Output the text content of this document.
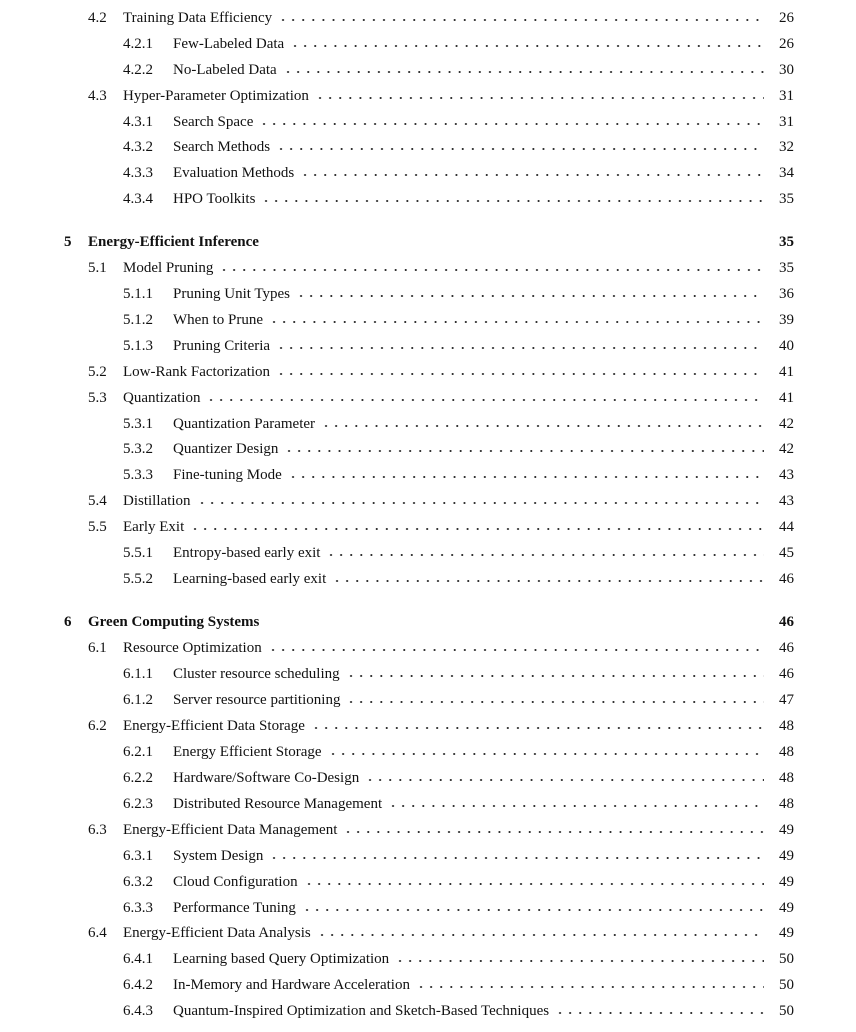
4.2 Training Data Efficiency	26
4.2.1 Few-Labeled Data	26
4.2.2 No-Labeled Data	30
4.3 Hyper-Parameter Optimization	31
4.3.1 Search Space	31
4.3.2 Search Methods	32
4.3.3 Evaluation Methods	34
4.3.4 HPO Toolkits	35
5 Energy-Efficient Inference	35
5.1 Model Pruning	35
5.1.1 Pruning Unit Types	36
5.1.2 When to Prune	39
5.1.3 Pruning Criteria	40
5.2 Low-Rank Factorization	41
5.3 Quantization	41
5.3.1 Quantization Parameter	42
5.3.2 Quantizer Design	42
5.3.3 Fine-tuning Mode	43
5.4 Distillation	43
5.5 Early Exit	44
5.5.1 Entropy-based early exit	45
5.5.2 Learning-based early exit	46
6 Green Computing Systems	46
6.1 Resource Optimization	46
6.1.1 Cluster resource scheduling	46
6.1.2 Server resource partitioning	47
6.2 Energy-Efficient Data Storage	48
6.2.1 Energy Efficient Storage	48
6.2.2 Hardware/Software Co-Design	48
6.2.3 Distributed Resource Management	48
6.3 Energy-Efficient Data Management	49
6.3.1 System Design	49
6.3.2 Cloud Configuration	49
6.3.3 Performance Tuning	49
6.4 Energy-Efficient Data Analysis	49
6.4.1 Learning based Query Optimization	50
6.4.2 In-Memory and Hardware Acceleration	50
6.4.3 Quantum-Inspired Optimization and Sketch-Based Techniques	50
